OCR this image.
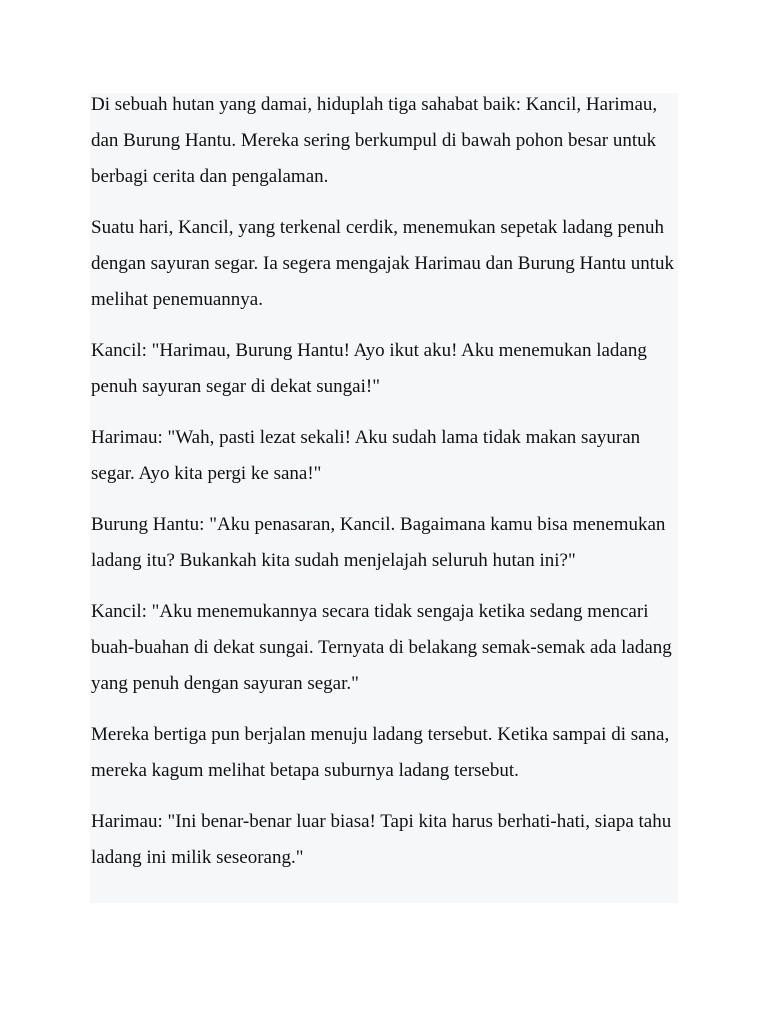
Di sebuah hutan yang damai, hiduplah tiga sahabat baik: Kancil, Harimau, dan Burung Hantu. Mereka sering berkumpul di bawah pohon besar untuk berbagi cerita dan pengalaman.

Suatu hari, Kancil, yang terkenal cerdik, menemukan sepetak ladang penuh dengan sayuran segar. Ia segera mengajak Harimau dan Burung Hantu untuk melihat penemuannya.

Kancil: "Harimau, Burung Hantu! Ayo ikut aku! Aku menemukan ladang penuh sayuran segar di dekat sungai!"

Harimau: "Wah, pasti lezat sekali! Aku sudah lama tidak makan sayuran segar. Ayo kita pergi ke sana!"

Burung Hantu: "Aku penasaran, Kancil. Bagaimana kamu bisa menemukan ladang itu? Bukankah kita sudah menjelajah seluruh hutan ini?"

Kancil: "Aku menemukannya secara tidak sengaja ketika sedang mencari buah-buahan di dekat sungai. Ternyata di belakang semak-semak ada ladang yang penuh dengan sayuran segar."

Mereka bertiga pun berjalan menuju ladang tersebut. Ketika sampai di sana, mereka kagum melihat betapa suburnya ladang tersebut.

Harimau: "Ini benar-benar luar biasa! Tapi kita harus berhati-hati, siapa tahu ladang ini milik seseorang."
